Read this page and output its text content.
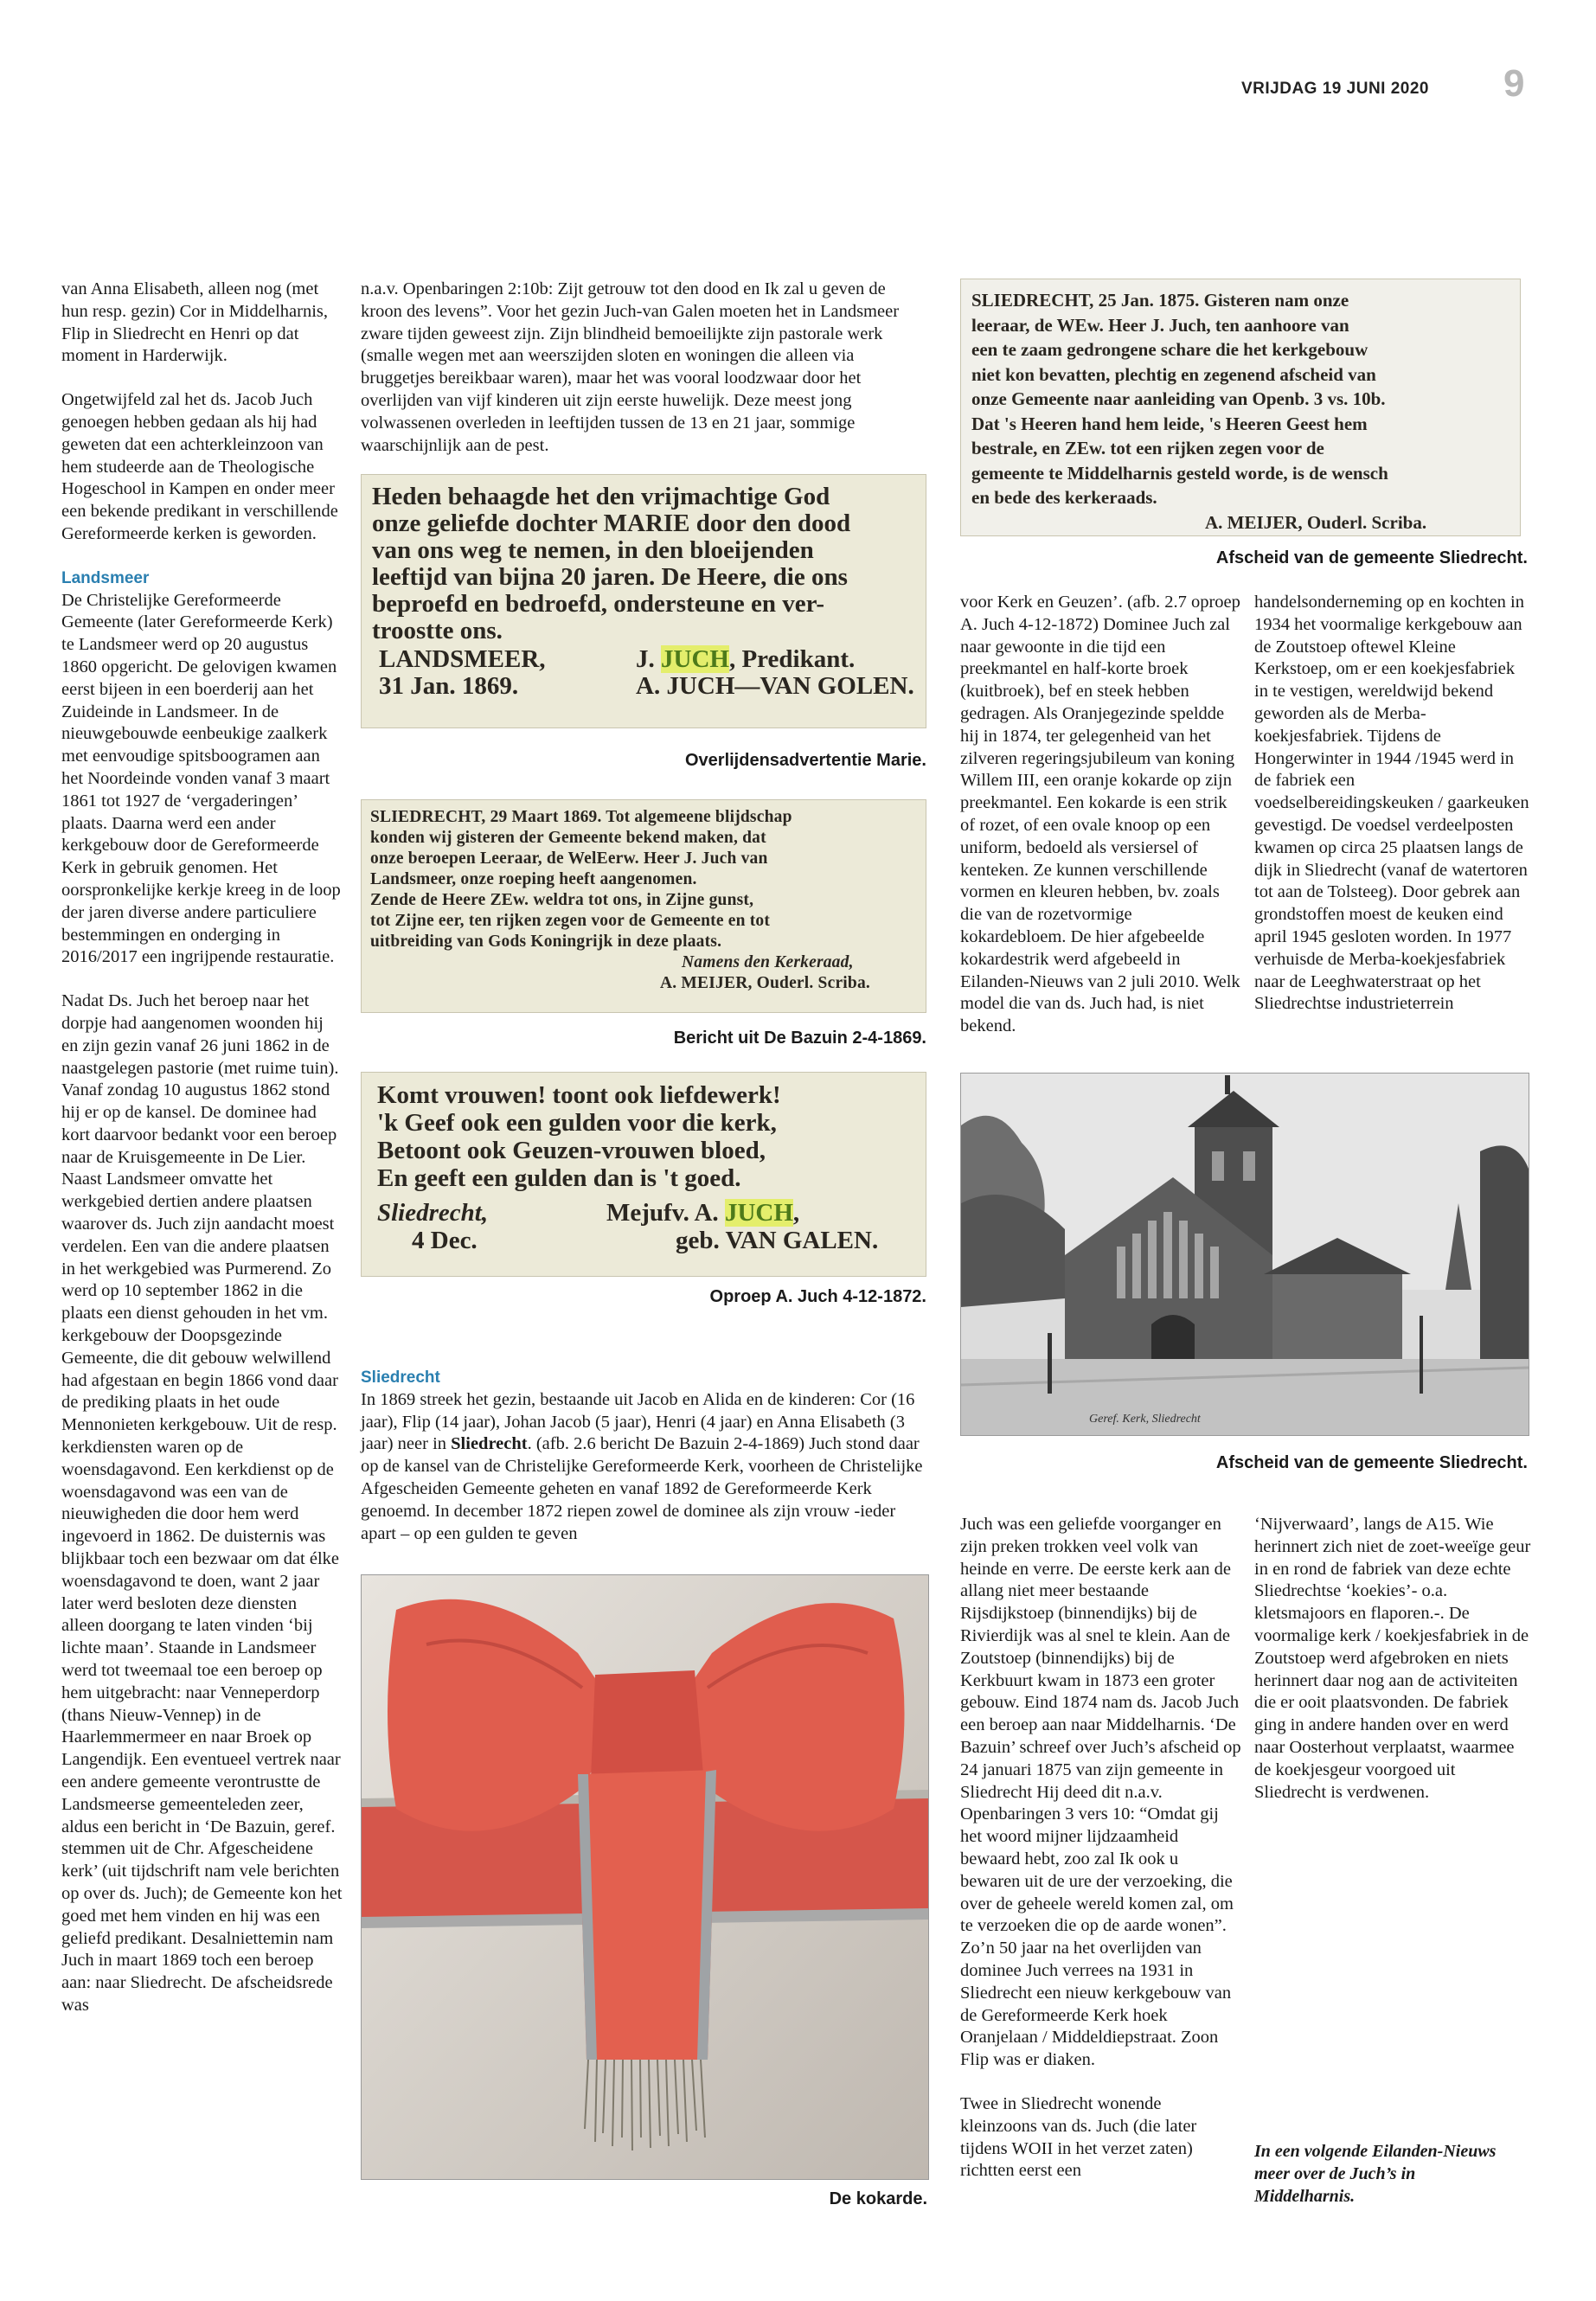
VRIJDAG 19 JUNI 2020 9

van Anna Elisabeth, alleen nog (met hun resp. gezin) Cor in Middelharnis, Flip in Sliedrecht en Henri op dat moment in Harderwijk.

Ongetwijfeld zal het ds. Jacob Juch genoegen hebben gedaan als hij had geweten dat een achterkleinzoon van hem studeerde aan de Theologische Hogeschool in Kampen en onder meer een bekende predikant in verschillende Gereformeerde kerken is geworden.

Landsmeer
De Christelijke Gereformeerde Gemeente (later Gereformeerde Kerk) te Landsmeer werd op 20 augustus 1860 opgericht. De gelovigen kwamen eerst bijeen in een boerderij aan het Zuideinde in Landsmeer. In de nieuwgebouwde eenbeukige zaalkerk met eenvoudige spitsboogramen aan het Noordeinde vonden vanaf 3 maart 1861 tot 1927 de ‘vergaderingen’ plaats. Daarna werd een ander kerkgebouw door de Gereformeerde Kerk in gebruik genomen. Het oorspronkelijke kerkje kreeg in de loop der jaren diverse andere particuliere bestemmingen en onderging in 2016/2017 een ingrijpende restauratie.

Nadat Ds. Juch het beroep naar het dorpje had aangenomen woonden hij en zijn gezin vanaf 26 juni 1862 in de naastgelegen pastorie (met ruime tuin). Vanaf zondag 10 augustus 1862 stond hij er op de kansel. De dominee had kort daarvoor bedankt voor een beroep naar de Kruisgemeente in De Lier. Naast Landsmeer omvatte het werkgebied dertien andere plaatsen waarover ds. Juch zijn aandacht moest verdelen. Een van die andere plaatsen in het werkgebied was Purmerend. Zo werd op 10 september 1862 in die plaats een dienst gehouden in het vm. kerkgebouw der Doopsgezinde Gemeente, die dit gebouw welwillend had afgestaan en begin 1866 vond daar de prediking plaats in het oude Mennonieten kerkgebouw. Uit de resp. kerkdiensten waren op de woensdagavond. Een kerkdienst op de woensdagavond was een van de nieuwigheden die door hem werd ingevoerd in 1862. De duisternis was blijkbaar toch een bezwaar om dat élke woensdagavond te doen, want 2 jaar later werd besloten deze diensten alleen doorgang te laten vinden ‘bij lichte maan’. Staande in Landsmeer werd tot tweemaal toe een beroep op hem uitgebracht: naar Venneperdorp (thans Nieuw-Vennep) in de Haarlemmermeer en naar Broek op Langendijk. Een eventueel vertrek naar een andere gemeente verontrustte de Landsmeerse gemeenteleden zeer, aldus een bericht in ‘De Bazuin, geref. stemmen uit de Chr. Afgescheidene kerk’ (uit tijdschrift nam vele berichten op over ds. Juch); de Gemeente kon het goed met hem vinden en hij was een geliefd predikant. Desalniettemin nam Juch in maart 1869 toch een beroep aan: naar Sliedrecht. De afscheidsrede was

n.a.v. Openbaringen 2:10b: Zijt getrouw tot den dood en Ik zal u geven de kroon des levens”. Voor het gezin Juch-van Galen moeten het in Landsmeer zware tijden geweest zijn. Zijn blindheid bemoeilijkte zijn pastorale werk (smalle wegen met aan weerszijden sloten en woningen die alleen via bruggetjes bereikbaar waren), maar het was vooral loodzwaar door het overlijden van vijf kinderen uit zijn eerste huwelijk. Deze meest jong volwassenen overleden in leeftijden tussen de 13 en 21 jaar, sommige waarschijnlijk aan de pest.
Heden behaagde het den vrijmachtige God
onze geliefde dochter MARIE door den dood
van ons weg te nemen, in den bloeijenden
leeftijd van bijna 20 jaren. De Heere, die ons
beproefd en bedroefd, ondersteune en ver-
troostte ons.
LANDSMEER,
31 Jan. 1869.
J. JUCH, Predikant.
A. JUCH—VAN GOLEN.
Overlijdensadvertentie Marie.
SLIEDRECHT, 29 Maart 1869. Tot algemeene blijdschap
konden wij gisteren der Gemeente bekend maken, dat
onze beroepen Leeraar, de WelEerw. Heer J. Juch van
Landsmeer, onze roeping heeft aangenomen.
Zende de Heere ZEw. weldra tot ons, in Zijne gunst,
tot Zijne eer, ten rijken zegen voor de Gemeente en tot
uitbreiding van Gods Koningrijk in deze plaats.
Namens den Kerkeraad,
A. MEIJER, Ouderl. Scriba.
Bericht uit De Bazuin 2-4-1869.
Komt vrouwen! toont ook liefdewerk!
'k Geef ook een gulden voor die kerk,
Betoont ook Geuzen-vrouwen bloed,
En geeft een gulden dan is 't goed.
Sliedrecht,
4 Dec.
Mejufv. A. JUCH,
geb. VAN GALEN.
Oproep A. Juch 4-12-1872.
Sliedrecht
In 1869 streek het gezin, bestaande uit Jacob en Alida en de kinderen: Cor (16 jaar), Flip (14 jaar), Johan Jacob (5 jaar), Henri (4 jaar) en Anna Elisabeth (3 jaar) neer in Sliedrecht. (afb. 2.6 bericht De Bazuin 2-4-1869) Juch stond daar op de kansel van de Christelijke Gereformeerde Kerk, voorheen de Christelijke Afgescheiden Gemeente geheten en vanaf 1892 de Gereformeerde Kerk genoemd. In december 1872 riepen zowel de dominee als zijn vrouw -ieder apart – op een gulden te geven
De kokarde.
SLIEDRECHT, 25 Jan. 1875. Gisteren nam onze
leeraar, de WEw. Heer J. Juch, ten aanhoore van
een te zaam gedrongene schare die het kerkgebouw
niet kon bevatten, plechtig en zegenend afscheid van
onze Gemeente naar aanleiding van Openb. 3 vs. 10b.
Dat 's Heeren hand hem leide, 's Heeren Geest hem
bestrale, en ZEw. tot een rijken zegen voor de
gemeente te Middelharnis gesteld worde, is de wensch
en bede des kerkeraads.
A. MEIJER, Ouderl. Scriba.
Afscheid van de gemeente Sliedrecht.
voor Kerk en Geuzen’. (afb. 2.7 oproep A. Juch 4-12-1872) Dominee Juch zal naar gewoonte in die tijd een preekmantel en half-korte broek (kuitbroek), bef en steek hebben gedragen. Als Oranjegezinde speldde hij in 1874, ter gelegenheid van het zilveren regeringsjubileum van koning Willem III, een oranje kokarde op zijn preekmantel. Een kokarde is een strik of rozet, of een ovale knoop op een uniform, bedoeld als versiersel of kenteken. Ze kunnen verschillende vormen en kleuren hebben, bv. zoals die van de rozetvormige kokardebloem. De hier afgebeelde kokardestrik werd afgebeeld in Eilanden-Nieuws van 2 juli 2010. Welk model die van ds. Juch had, is niet bekend.
handelsonderneming op en kochten in 1934 het voormalige kerkgebouw aan de Zoutstoep oftewel Kleine Kerkstoep, om er een koekjesfabriek in te vestigen, wereldwijd bekend geworden als de Merba-koekjesfabriek. Tijdens de Hongerwinter in 1944 /1945 werd in de fabriek een voedselbereidingskeuken / gaarkeuken gevestigd. De voedsel verdeelposten kwamen op circa 25 plaatsen langs de dijk in Sliedrecht (vanaf de watertoren tot aan de Tolsteeg). Door gebrek aan grondstoffen moest de keuken eind april 1945 gesloten worden. In 1977 verhuisde de Merba-koekjesfabriek naar de Leeghwaterstraat op het Sliedrechtse industrieterrein
Geref. Kerk, Sliedrecht
Afscheid van de gemeente Sliedrecht.

Juch was een geliefde voorganger en zijn preken trokken veel volk van heinde en verre. De eerste kerk aan de allang niet meer bestaande Rijsdijkstoep (binnendijks) bij de Rivierdijk was al snel te klein. Aan de Zoutstoep (binnendijks) bij de Kerkbuurt kwam in 1873 een groter gebouw. Eind 1874 nam ds. Jacob Juch een beroep aan naar Middelharnis. ‘De Bazuin’ schreef over Juch’s afscheid op 24 januari 1875 van zijn gemeente in Sliedrecht Hij deed dit n.a.v. Openbaringen 3 vers 10: “Omdat gij het woord mijner lijdzaamheid bewaard hebt, zoo zal Ik ook u bewaren uit de ure der verzoeking, die over de geheele wereld komen zal, om te verzoeken die op de aarde wonen”. Zo’n 50 jaar na het overlijden van dominee Juch verrees na 1931 in Sliedrecht een nieuw kerkgebouw van de Gereformeerde Kerk hoek Oranjelaan / Middeldiepstraat. Zoon Flip was er diaken.

Twee in Sliedrecht wonende kleinzoons van ds. Juch (die later tijdens WOII in het verzet zaten) richtten eerst een

‘Nijverwaard’, langs de A15. Wie herinnert zich niet de zoet-weeïge geur in en rond de fabriek van deze echte Sliedrechtse ‘koekies’- o.a. kletsmajoors en flaporen.-. De voormalige kerk / koekjesfabriek in de Zoutstoep werd afgebroken en niets herinnert daar nog aan de activiteiten die er ooit plaatsvonden. De fabriek ging in andere handen over en werd naar Oosterhout verplaatst, waarmee de koekjesgeur voorgoed uit Sliedrecht is verdwenen.
In een volgende Eilanden-Nieuws meer over de Juch’s in Middelharnis.
